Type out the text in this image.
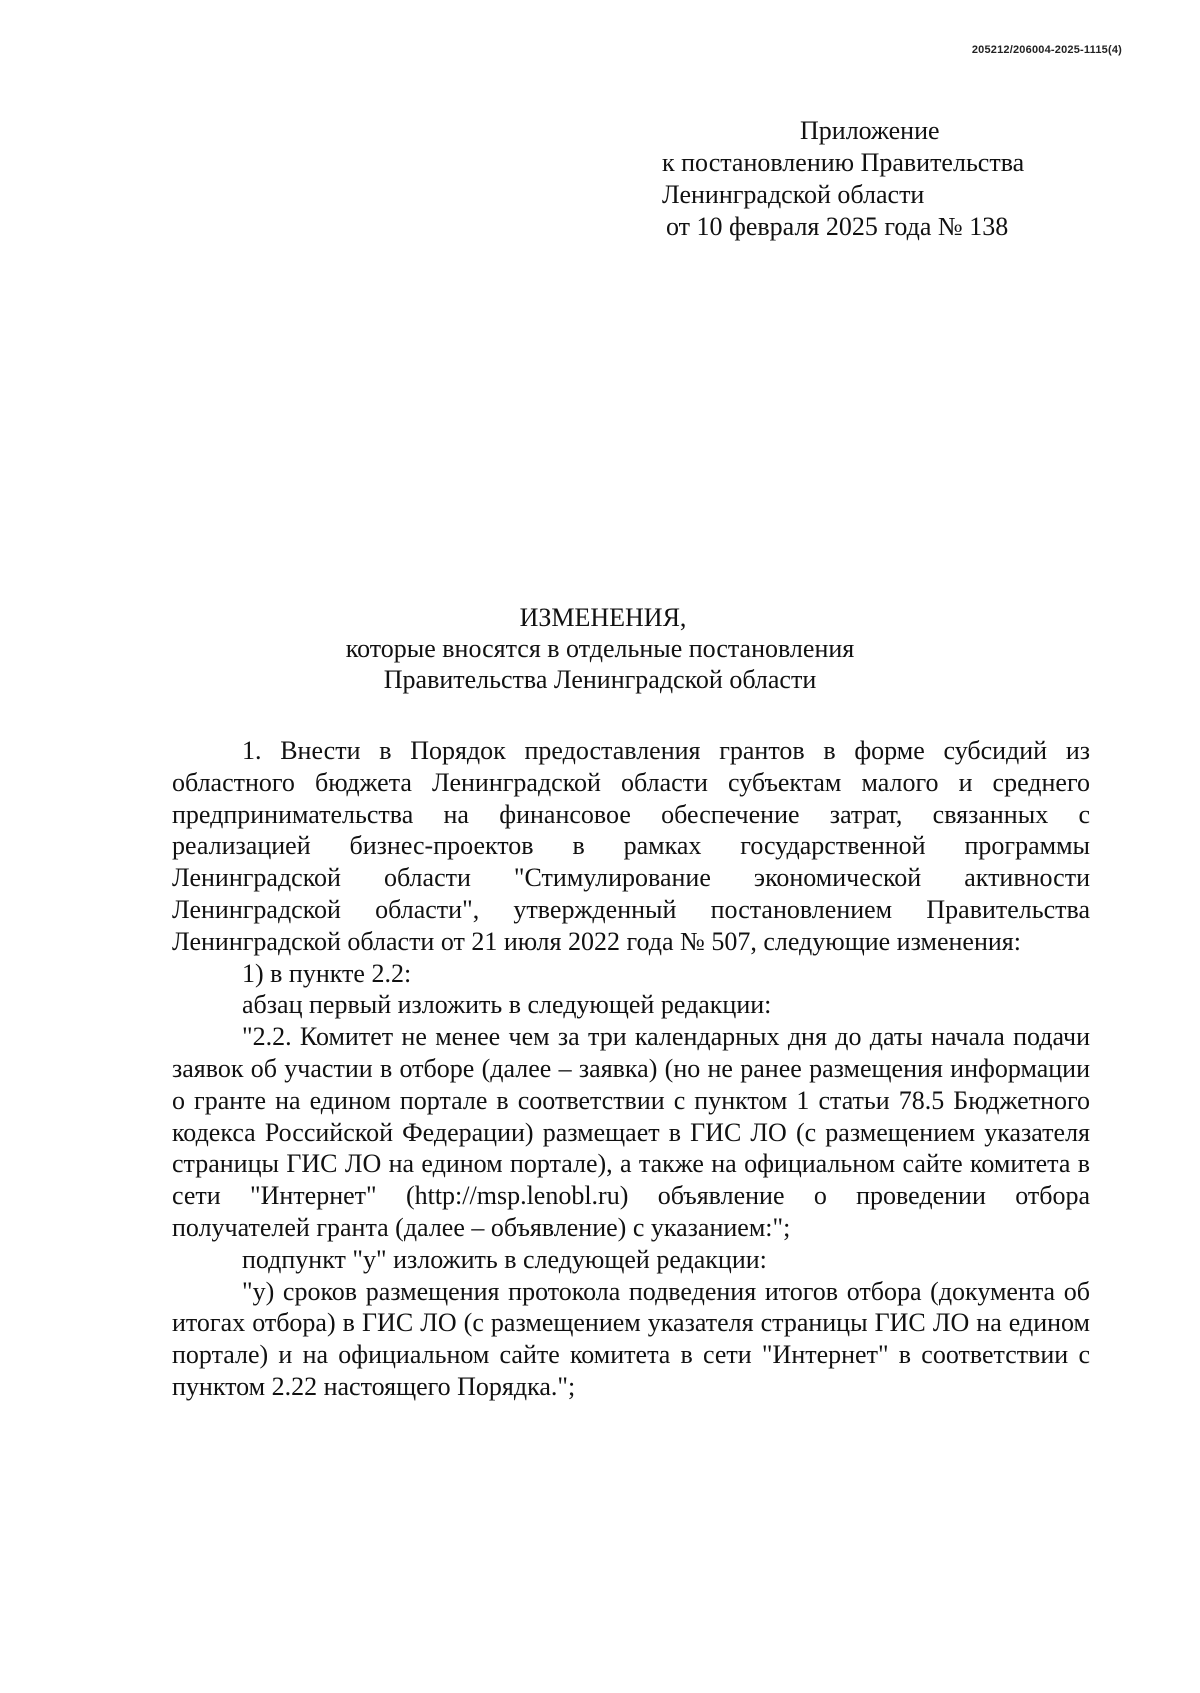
205212/206004-2025-1115(4)
Приложение
к постановлению Правительства
Ленинградской области
от 10 февраля 2025 года № 138
ИЗМЕНЕНИЯ,
которые вносятся в отдельные постановления
Правительства Ленинградской области

1. Внести в Порядок предоставления грантов в форме субсидий из областного бюджета Ленинградской области субъектам малого и среднего предпринимательства на финансовое обеспечение затрат, связанных с реализацией бизнес-проектов в рамках государственной программы Ленинградской области "Стимулирование экономической активности Ленинградской области", утвержденный постановлением Правительства Ленинградской области от 21 июля 2022 года № 507, следующие изменения:

1) в пункте 2.2:

абзац первый изложить в следующей редакции:

"2.2. Комитет не менее чем за три календарных дня до даты начала подачи заявок об участии в отборе (далее – заявка) (но не ранее размещения информации о гранте на едином портале в соответствии с пунктом 1 статьи 78.5 Бюджетного кодекса Российской Федерации) размещает в ГИС ЛО (с размещением указателя страницы ГИС ЛО на едином портале), а также на официальном сайте комитета в сети "Интернет" (http://msp.lenobl.ru) объявление о проведении отбора получателей гранта (далее – объявление) с указанием:";

подпункт "у" изложить в следующей редакции:

"у) сроков размещения протокола подведения итогов отбора (документа об итогах отбора) в ГИС ЛО (с размещением указателя страницы ГИС ЛО на едином портале) и на официальном сайте комитета в сети "Интернет" в соответствии с пунктом 2.22 настоящего Порядка.";
